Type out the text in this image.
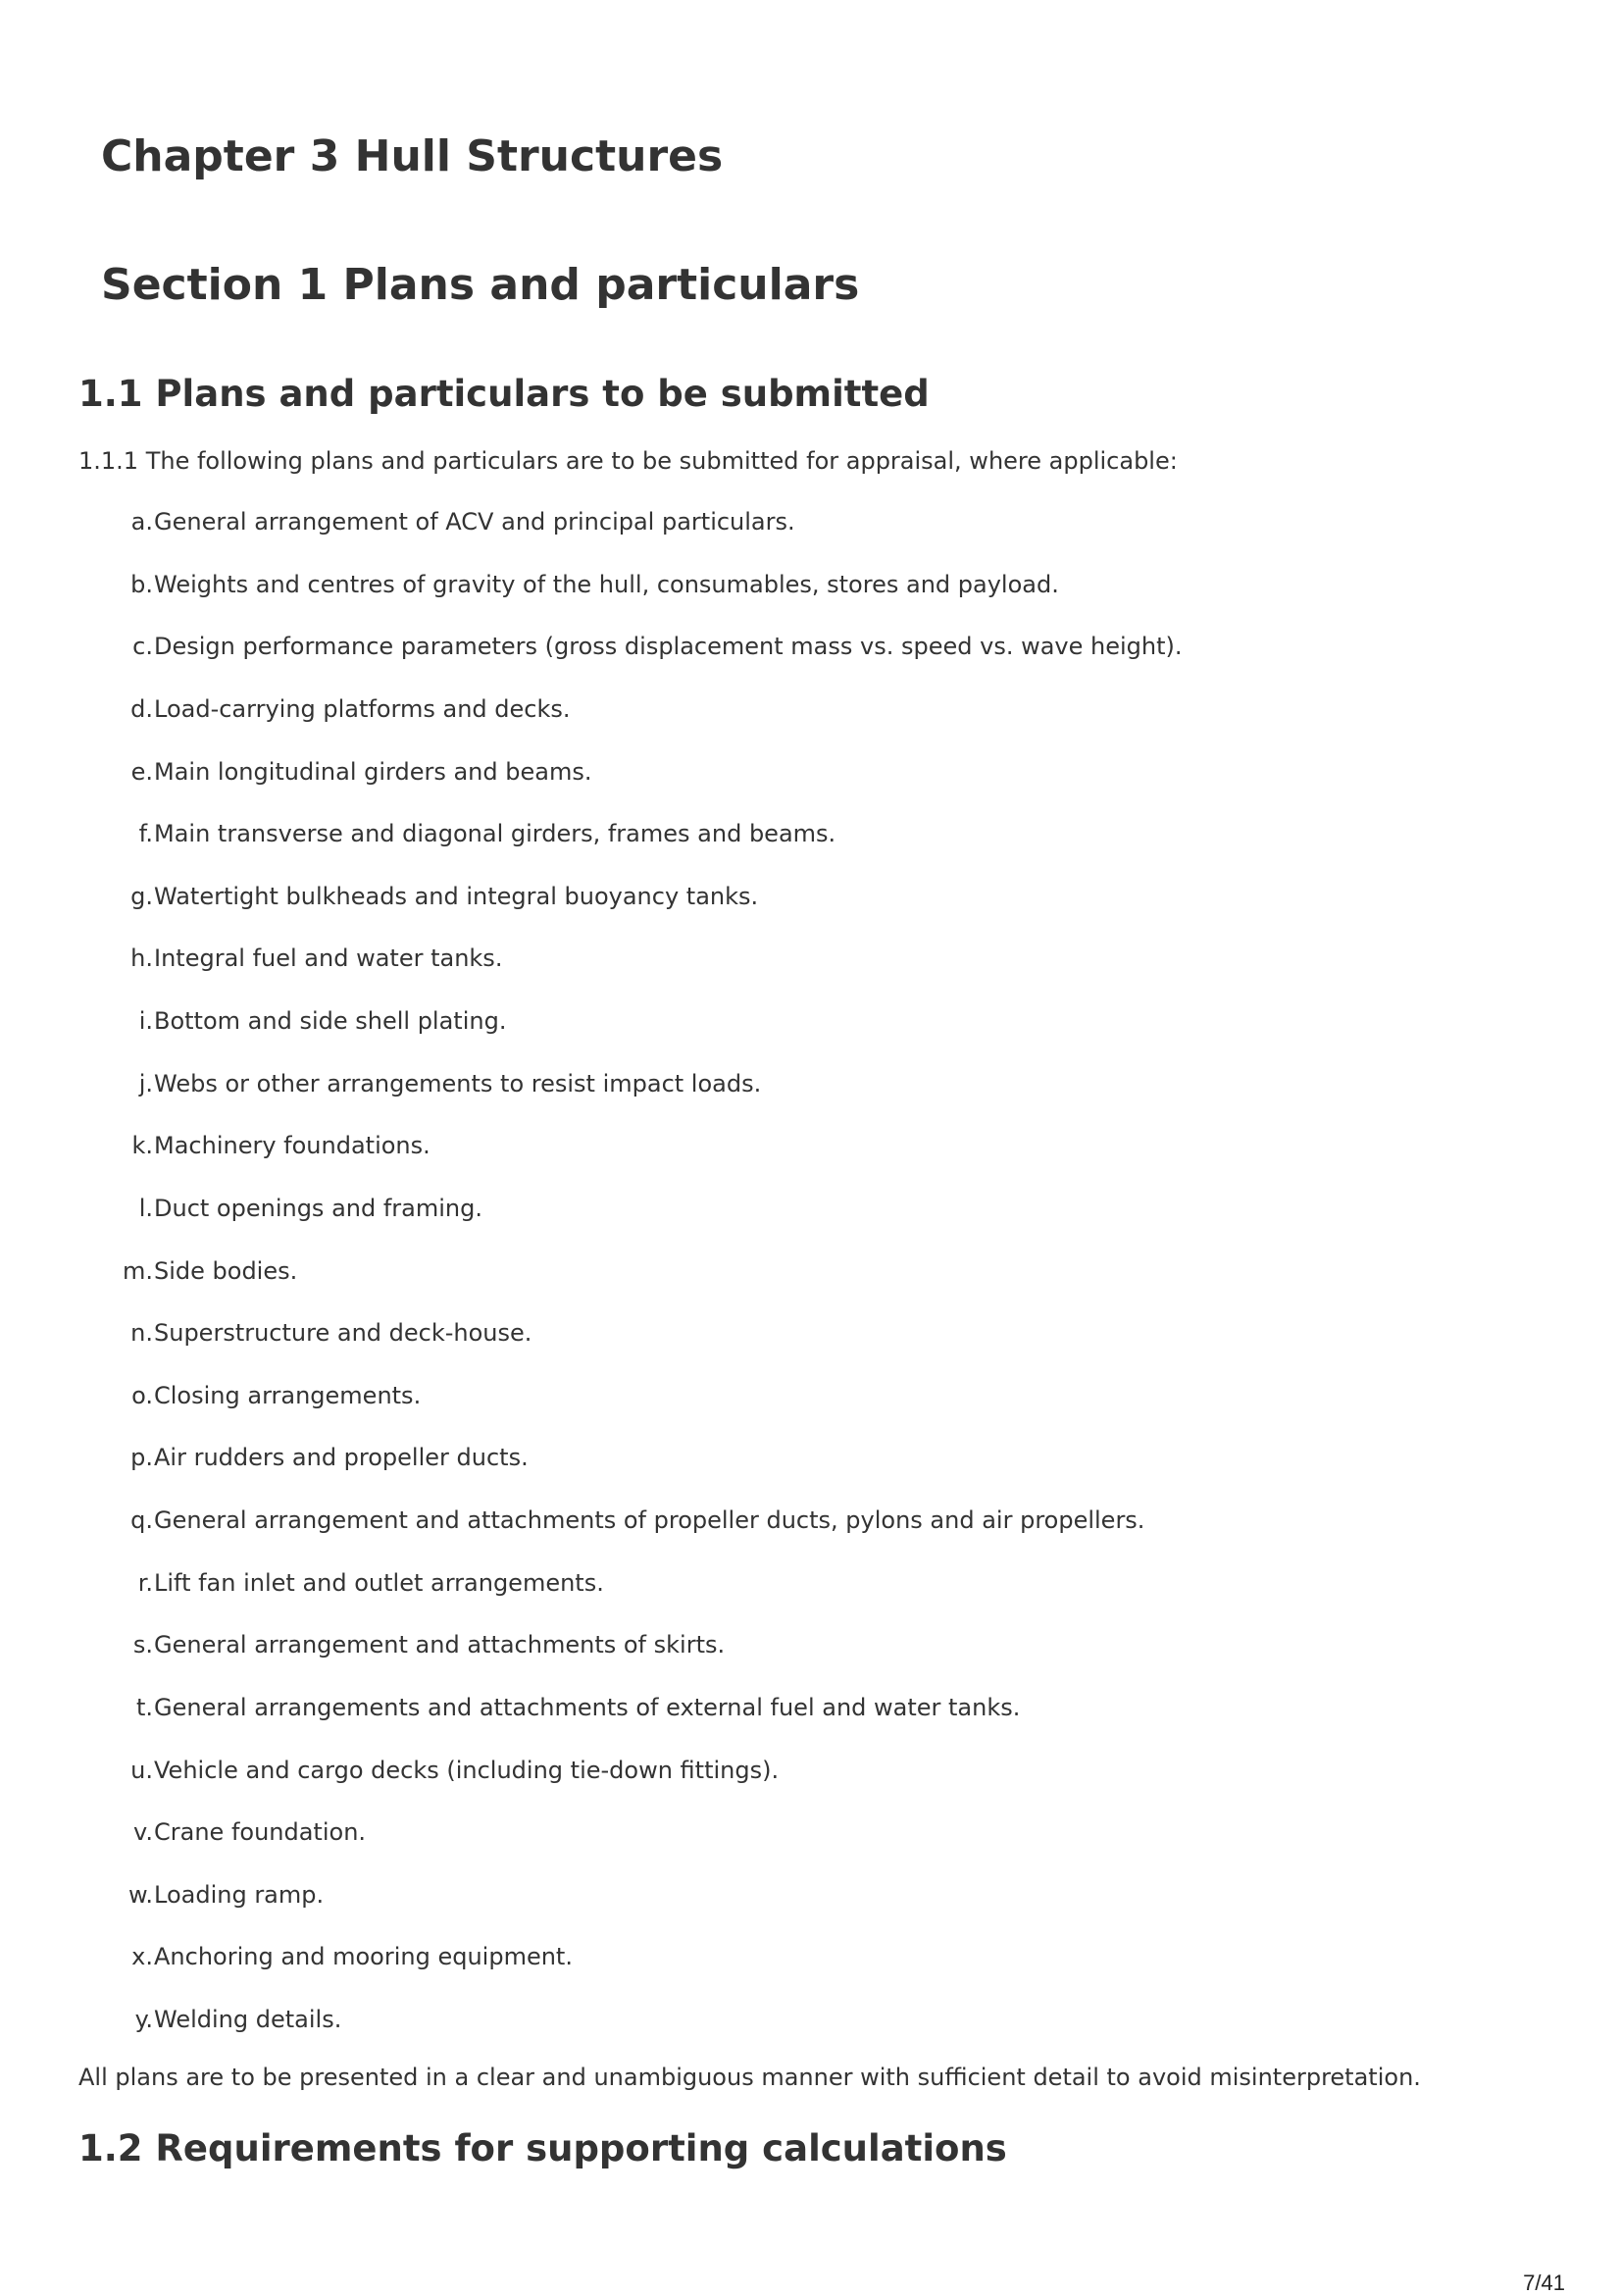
Chapter 3 Hull Structures
Section 1 Plans and particulars
1.1 Plans and particulars to be submitted

1.1.1 The following plans and particulars are to be submitted for appraisal, where applicable:

a. General arrangement of ACV and principal particulars.
b. Weights and centres of gravity of the hull, consumables, stores and payload.
c. Design performance parameters (gross displacement mass vs. speed vs. wave height).
d. Load-carrying platforms and decks.
e. Main longitudinal girders and beams.
f. Main transverse and diagonal girders, frames and beams.
g. Watertight bulkheads and integral buoyancy tanks.
h. Integral fuel and water tanks.
i. Bottom and side shell plating.
j. Webs or other arrangements to resist impact loads.
k. Machinery foundations.
l. Duct openings and framing.
m. Side bodies.
n. Superstructure and deck-house.
o. Closing arrangements.
p. Air rudders and propeller ducts.
q. General arrangement and attachments of propeller ducts, pylons and air propellers.
r. Lift fan inlet and outlet arrangements.
s. General arrangement and attachments of skirts.
t. General arrangements and attachments of external fuel and water tanks.
u. Vehicle and cargo decks (including tie-down fittings).
v. Crane foundation.
w. Loading ramp.
x. Anchoring and mooring equipment.
y. Welding details.

All plans are to be presented in a clear and unambiguous manner with sufficient detail to avoid misinterpretation.

1.2 Requirements for supporting calculations

7/41
